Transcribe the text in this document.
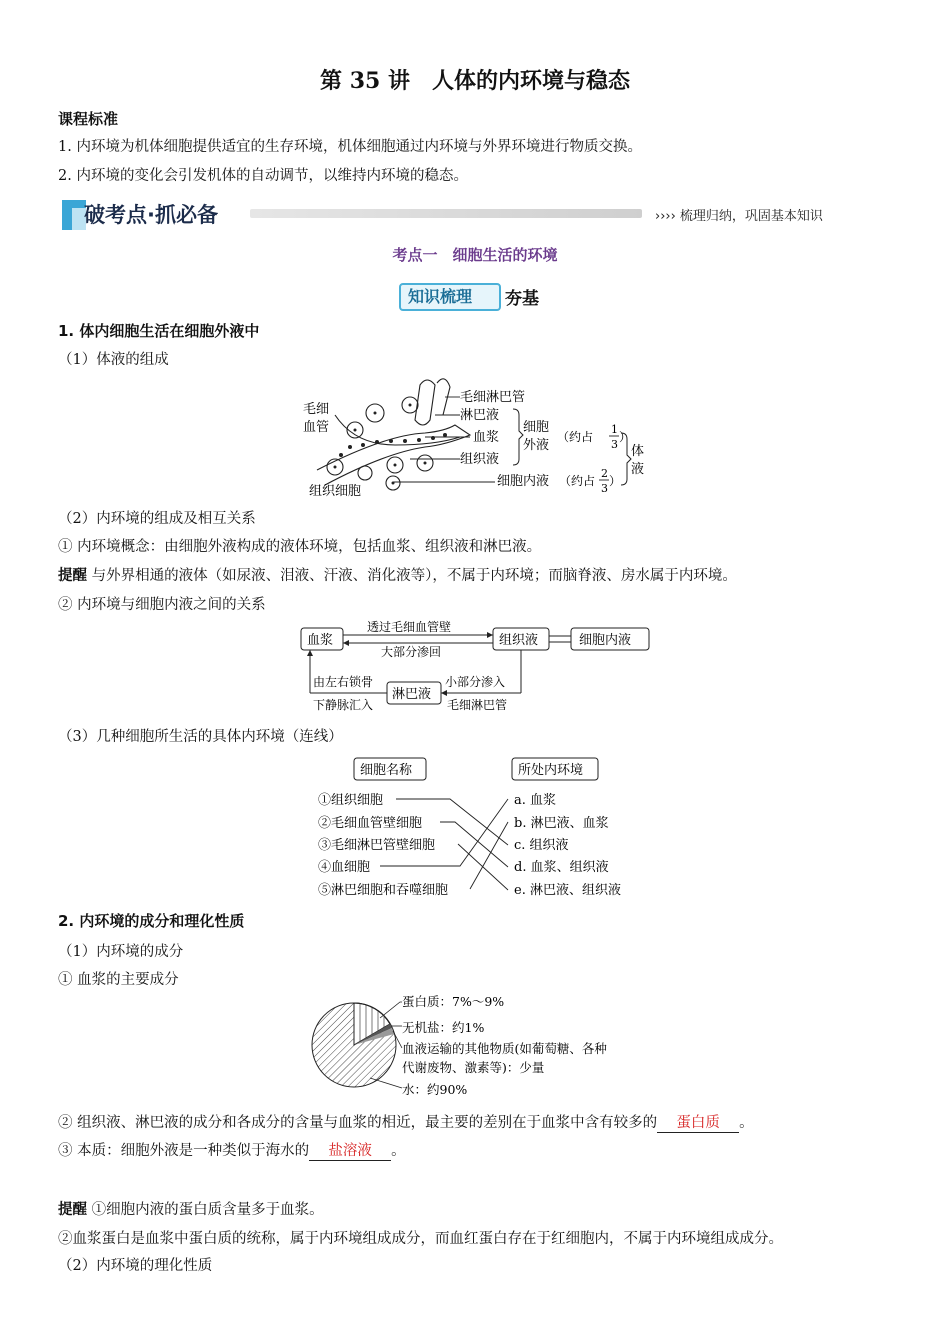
第 35 讲　人体的内环境与稳态
课程标准
1. 内环境为机体细胞提供适宜的生存环境，机体细胞通过内环境与外界环境进行物质交换。
2. 内环境的变化会引发机体的自动调节，以维持内环境的稳态。
破考点·抓必备	›››› 梳理归纳，巩固基本知识
考点一　细胞生活的环境
知识梳理 夯基
1. 体内细胞生活在细胞外液中
（1）体液的组成
毛细
血管
毛细淋巴管
淋巴液
血浆
组织液
细胞
外液
（约占
1
3
）
细胞内液 （约占
2
3
）
体
液
组织细胞
（2）内环境的组成及相互关系
① 内环境概念：由细胞外液构成的液体环境，包括血浆、组织液和淋巴液。
提醒 与外界相通的液体（如尿液、泪液、汗液、消化液等），不属于内环境；而脑脊液、房水属于内环境。
② 内环境与细胞内液之间的关系
血浆	组织液	细胞内液
淋巴液
透过毛细血管壁
大部分渗回
小部分渗入
毛细淋巴管
由左右锁骨
下静脉汇入
（3）几种细胞所生活的具体内环境（连线）
细胞名称	所处内环境
①组织细胞
②毛细血管壁细胞
③毛细淋巴管壁细胞
④血细胞
⑤淋巴细胞和吞噬细胞
a. 血浆
b. 淋巴液、血浆
c. 组织液
d. 血浆、组织液
e. 淋巴液、组织液
2. 内环境的成分和理化性质
（1）内环境的成分
① 血浆的主要成分
蛋白质：7%～9%
无机盐：约1%
血液运输的其他物质(如葡萄糖、各种
代谢废物、激素等)：少量
水：约90%
② 组织液、淋巴液的成分和各成分的含量与血浆的相近，最主要的差别在于血浆中含有较多的 蛋白质 。
③ 本质：细胞外液是一种类似于海水的 盐溶液 。
提醒 ①细胞内液的蛋白质含量多于血浆。
②血浆蛋白是血浆中蛋白质的统称，属于内环境组成成分，而血红蛋白存在于红细胞内，不属于内环境组成成分。
（2）内环境的理化性质
